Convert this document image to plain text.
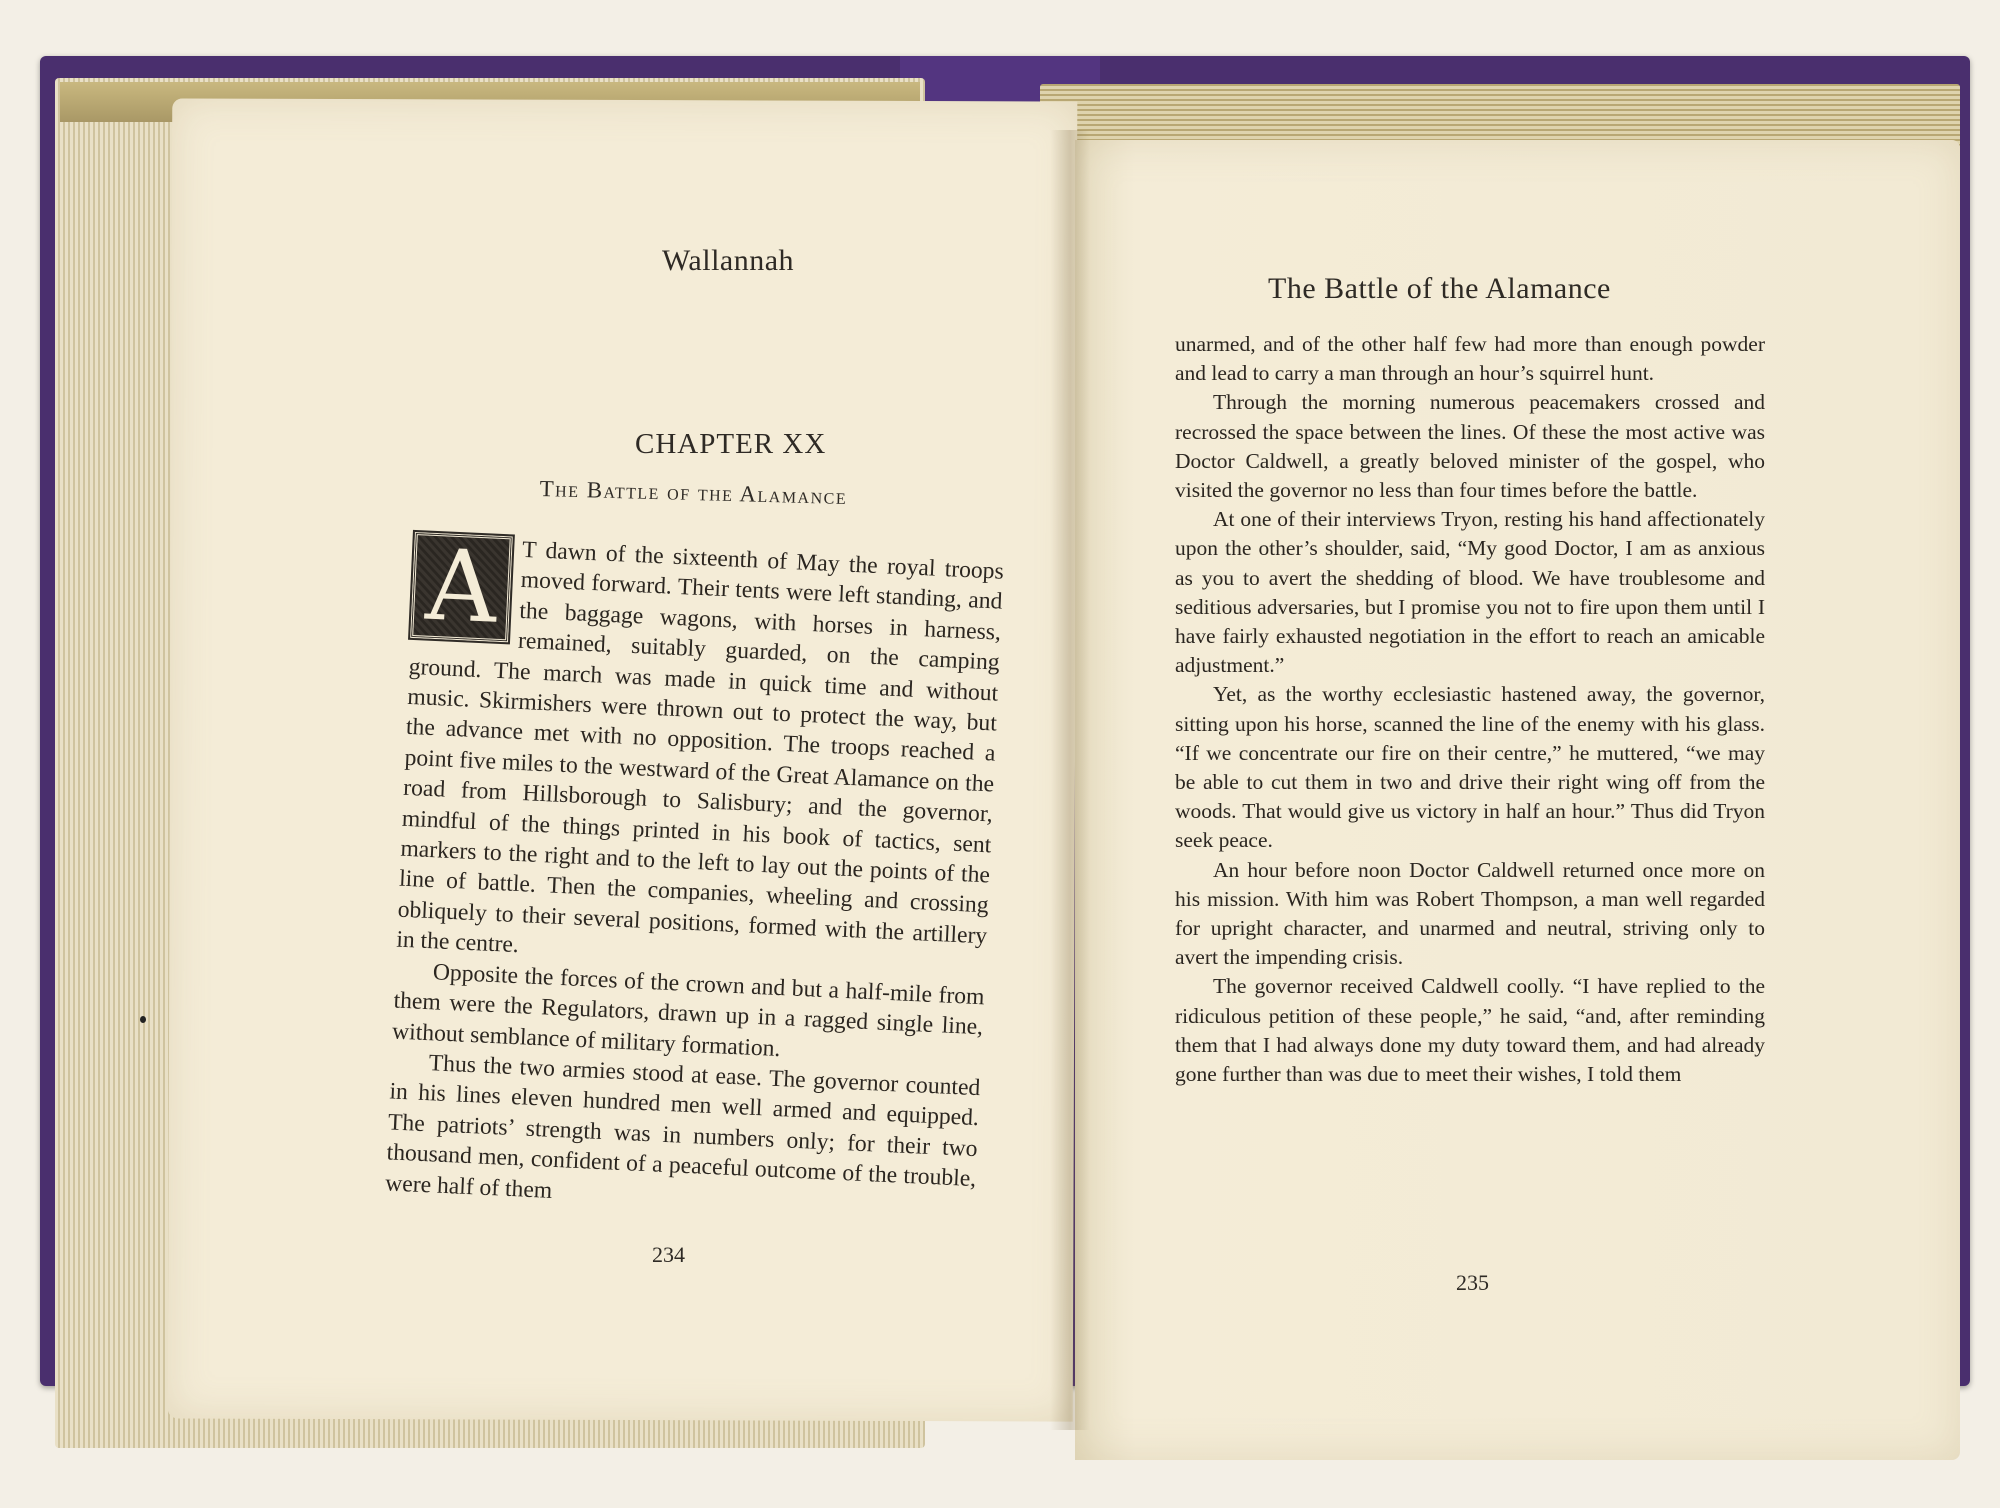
Wallannah
CHAPTER XX
The Battle of the Alamance

A T dawn of the sixteenth of May the royal troops moved forward. Their tents were left standing, and the baggage wagons, with horses in harness, remained, suitably guarded, on the camping ground. The march was made in quick time and without music. Skirmishers were thrown out to protect the way, but the advance met with no opposition. The troops reached a point five miles to the westward of the Great Alamance on the road from Hillsborough to Salisbury; and the governor, mindful of the things printed in his book of tactics, sent markers to the right and to the left to lay out the points of the line of battle. Then the companies, wheeling and crossing obliquely to their several positions, formed with the artillery in the centre.

Opposite the forces of the crown and but a half-mile from them were the Regulators, drawn up in a ragged single line, without semblance of military formation.

Thus the two armies stood at ease. The governor counted in his lines eleven hundred men well armed and equipped. The patriots’ strength was in numbers only; for their two thousand men, confident of a peaceful outcome of the trouble, were half of them

234
The Battle of the Alamance

unarmed, and of the other half few had more than enough powder and lead to carry a man through an hour’s squirrel hunt.

Through the morning numerous peacemakers crossed and recrossed the space between the lines. Of these the most active was Doctor Caldwell, a greatly beloved minister of the gospel, who visited the governor no less than four times before the battle.

At one of their interviews Tryon, resting his hand affectionately upon the other’s shoulder, said, “My good Doctor, I am as anxious as you to avert the shedding of blood. We have troublesome and seditious adversaries, but I promise you not to fire upon them until I have fairly exhausted negotiation in the effort to reach an amicable adjustment.”

Yet, as the worthy ecclesiastic hastened away, the governor, sitting upon his horse, scanned the line of the enemy with his glass. “If we concentrate our fire on their centre,” he muttered, “we may be able to cut them in two and drive their right wing off from the woods. That would give us victory in half an hour.” Thus did Tryon seek peace.

An hour before noon Doctor Caldwell returned once more on his mission. With him was Robert Thompson, a man well regarded for upright character, and unarmed and neutral, striving only to avert the impending crisis.

The governor received Caldwell coolly. “I have replied to the ridiculous petition of these people,” he said, “and, after reminding them that I had always done my duty toward them, and had already gone further than was due to meet their wishes, I told them

235
